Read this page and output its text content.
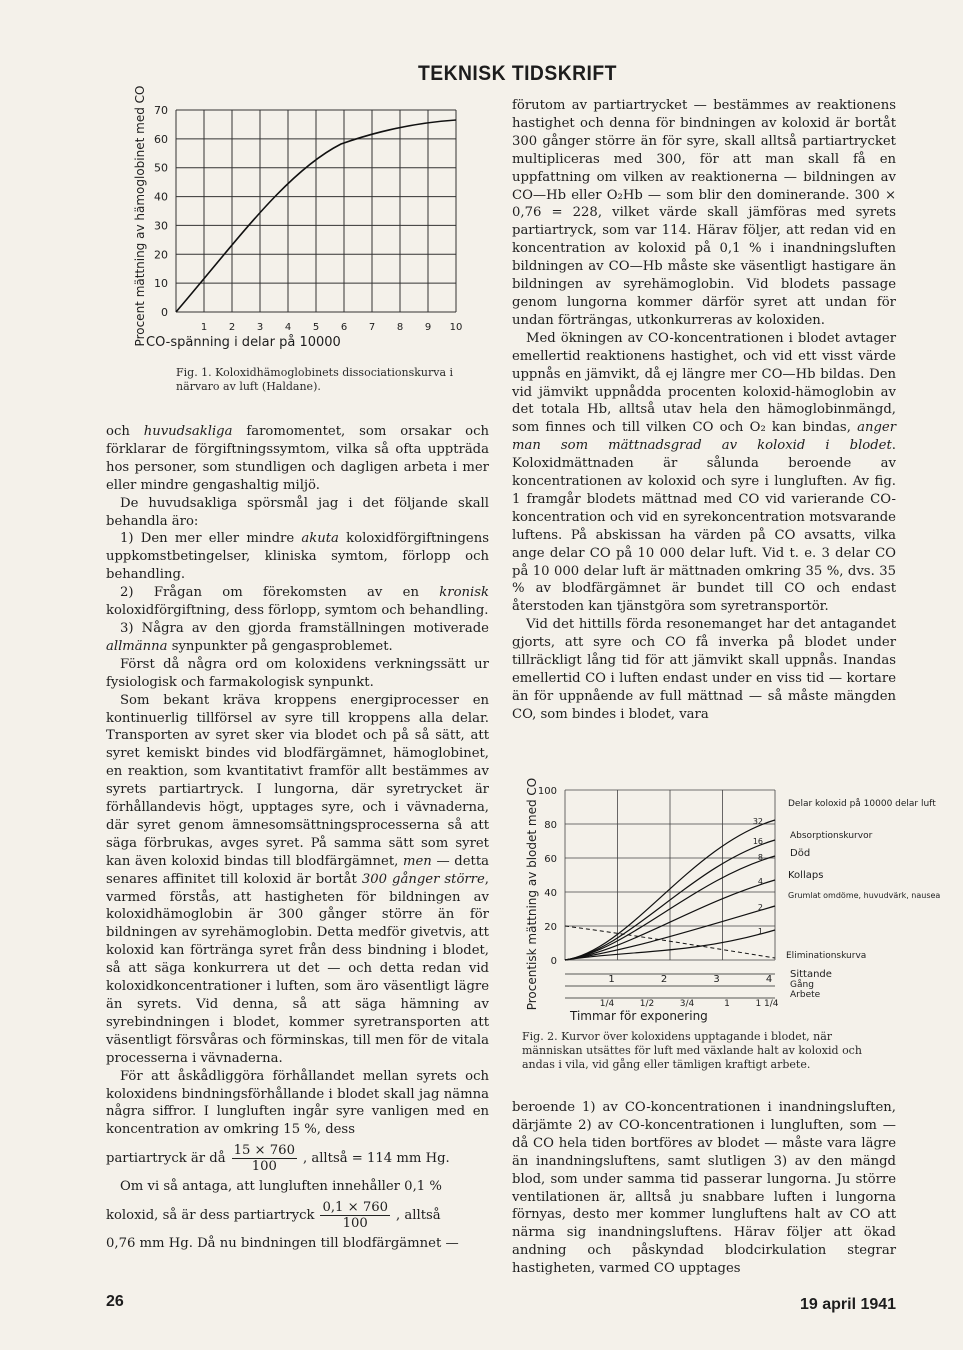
TEKNISK TIDSKRIFT
Procent mättning av hämoglobinet med CO 0
10
20
30
40
50
60
70
1 2 3 4 5 6 7 8 9 10
CO-spänning i delar på 10000
Fig. 1. Koloxidhämoglobinets dissociationskurva i närvaro av luft (Haldane).

och huvudsakliga faromomentet, som orsakar och förklarar de förgiftningssymtom, vilka så ofta uppträda hos personer, som stundligen och dagligen arbeta i mer eller mindre gengashaltig miljö.

De huvudsakliga spörsmål jag i det följande skall behandla äro:

1) Den mer eller mindre akuta koloxidförgiftningens uppkomstbetingelser, kliniska symtom, förlopp och behandling.

2) Frågan om förekomsten av en kronisk koloxidförgiftning, dess förlopp, symtom och behandling.

3) Några av den gjorda framställningen motiverade allmänna synpunkter på gengasproblemet.

Först då några ord om koloxidens verkningssätt ur fysiologisk och farmakologisk synpunkt.

Som bekant kräva kroppens energiprocesser en kontinuerlig tillförsel av syre till kroppens alla delar. Transporten av syret sker via blodet och på så sätt, att syret kemiskt bindes vid blodfärgämnet, hämoglobinet, en reaktion, som kvantitativt framför allt bestämmes av syrets partiartryck. I lungorna, där syretrycket är förhållandevis högt, upptages syre, och i vävnaderna, där syret genom ämnesomsättningsprocesserna så att säga förbrukas, avges syret. På samma sätt som syret kan även koloxid bindas till blodfärgämnet, men — detta senares affinitet till koloxid är bortåt 300 gånger större, varmed förstås, att hastigheten för bildningen av koloxidhämoglobin är 300 gånger större än för bildningen av syrehämoglobin. Detta medför givetvis, att koloxid kan förtränga syret från dess bindning i blodet, så att säga konkurrera ut det — och detta redan vid koloxidkoncentrationer i luften, som äro väsentligt lägre än syrets. Vid denna, så att säga hämning av syrebindningen i blodet, kommer syretransporten att väsentligt försvåras och förminskas, till men för de vitala processerna i vävnaderna.

För att åskådliggöra förhållandet mellan syrets och koloxidens bindningsförhållande i blodet skall jag nämna några siffror. I lungluften ingår syre vanligen med en koncentration av omkring 15 %, dess

partiartryck är då $\frac{15 \times 760}{100}$ , alltså = 114 mm Hg.

Om vi så antaga, att lungluften innehåller 0,1 %

koloxid, så är dess partiartryck $\frac{0,1 \times 760}{100}$ , alltså

0,76 mm Hg. Då nu bindningen till blodfärgämnet —

förutom av partiartrycket — bestämmes av reaktionens hastighet och denna för bindningen av koloxid är bortåt 300 gånger större än för syre, skall alltså partiartrycket multipliceras med 300, för att man skall få en uppfattning om vilken av reaktionerna — bildningen av CO—Hb eller O₂Hb — som blir den dominerande. 300 × 0,76 = 228, vilket värde skall jämföras med syrets partiartryck, som var 114. Härav följer, att redan vid en koncentration av koloxid på 0,1 % i inandningsluften bildningen av CO—Hb måste ske väsentligt hastigare än bildningen av syrehämoglobin. Vid blodets passage genom lungorna kommer därför syret att undan för undan förträngas, utkonkurreras av koloxiden.

Med ökningen av CO-koncentrationen i blodet avtager emellertid reaktionens hastighet, och vid ett visst värde uppnås en jämvikt, då ej längre mer CO—Hb bildas. Den vid jämvikt uppnådda procenten koloxid-hämoglobin av det totala Hb, alltså utav hela den hämoglobinmängd, som finnes och till vilken CO och O₂ kan bindas, anger man som mättnadsgrad av koloxid i blodet. Koloxidmättnaden är sålunda beroende av koncentrationen av koloxid och syre i lungluften. Av fig. 1 framgår blodets mättnad med CO vid varierande CO-koncentration och vid en syrekoncentration motsvarande luftens. På abskissan ha värden på CO avsatts, vilka ange delar CO på 10 000 delar luft. Vid t. e. 3 delar CO på 10 000 delar luft är mättnaden omkring 35 %, dvs. 35 % av blodfärgämnet är bundet till CO och endast återstoden kan tjänstgöra som syretransportör.

Vid det hittills förda resonemanget har det antagandet gjorts, att syre och CO få inverka på blodet under tillräckligt lång tid för att jämvikt skall uppnås. Inandas emellertid CO i luften endast under en viss tid — kortare än för uppnående av full mättnad — så måste mängden CO, som bindes i blodet, vara

Procentisk mättning av blodet med CO 0
20
40
60
80
100
1	2	3	4
1/4	1/2	3/4	1	1 1/4
32
16
8
4
2
1
Delar koloxid på 10000 delar luft
Absorptionskurvor
Död
Kollaps
Grumlat omdöme, huvudvärk, nausea
Eliminationskurva
Sittande
Gång
Arbete
Timmar för exponering
Fig. 2. Kurvor över koloxidens upptagande i blodet, när människan utsättes för luft med växlande halt av koloxid och andas i vila, vid gång eller tämligen kraftigt arbete.

beroende 1) av CO-koncentrationen i inandningsluften, därjämte 2) av CO-koncentrationen i lungluften, som — då CO hela tiden bortföres av blodet — måste vara lägre än inandningsluftens, samt slutligen 3) av den mängd blod, som under samma tid passerar lungorna. Ju större ventilationen är, alltså ju snabbare luften i lungorna förnyas, desto mer kommer lungluftens halt av CO att närma sig inandningsluftens. Härav följer att ökad andning och påskyndad blodcirkulation stegrar hastigheten, varmed CO upptages

26	19 april 1941
